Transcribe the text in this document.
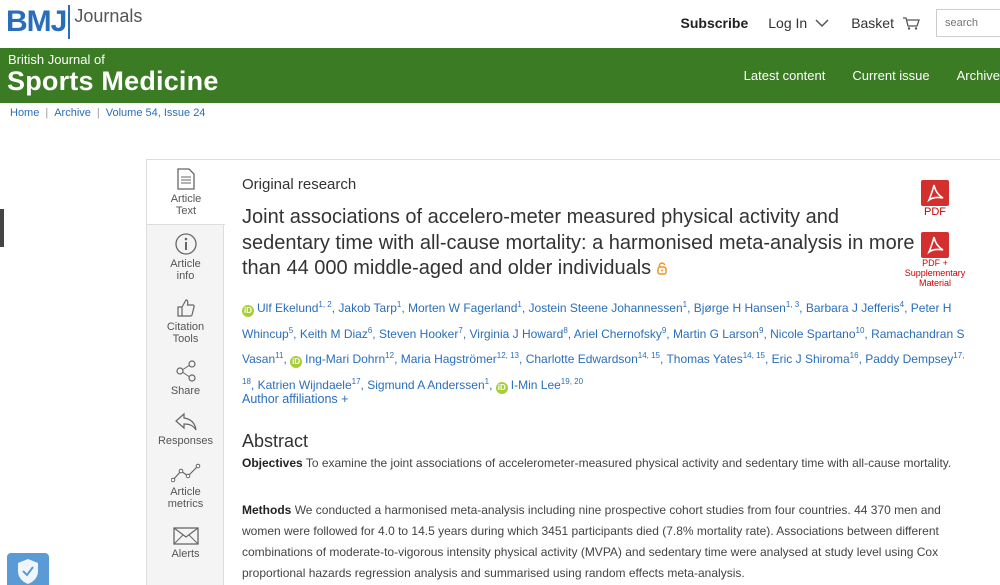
BMJ Journals	Subscribe Log In	Basket
search
British Journal of
Sports Medicine	Latest content Current issue Archive
Home | Archive | Volume 54, Issue 24
Article
Text
Article
info
Citation
Tools
Share
Responses
Article
metrics
Alerts
Original research
Joint associations of accelero-meter measured physical activity and sedentary time with all-cause mortality: a harmonised meta-analysis in more than 44 000 middle-aged and older individuals
iD Ulf Ekelund$^{1, 2}$, Jakob Tarp$^1$, Morten W Fagerland$^1$, Jostein Steene Johannessen$^1$, Bjørge H Hansen$^{1, 3}$, Barbara J Jefferis$^4$, Peter H Whincup$^5$, Keith M Diaz$^6$, Steven Hooker$^7$, Virginia J Howard$^8$, Ariel Chernofsky$^9$, Martin G Larson$^9$, Nicole Spartano$^{10}$, Ramachandran S Vasan$^{11}$, iD Ing-Mari Dohrn$^{12}$, Maria Hagströmer$^{12, 13}$, Charlotte Edwardson$^{14, 15}$, Thomas Yates$^{14, 15}$, Eric J Shiroma$^{16}$, Paddy Dempsey$^{17, 18}$, Katrien Wijndaele$^{17}$, Sigmund A Anderssen$^1$, iD I-Min Lee$^{19, 20}$
Author affiliations +
Abstract
Objectives To examine the joint associations of accelerometer-measured physical activity and sedentary time with all-cause mortality.
Methods We conducted a harmonised meta-analysis including nine prospective cohort studies from four countries. 44 370 men and women were followed for 4.0 to 14.5 years during which 3451 participants died (7.8% mortality rate). Associations between different combinations of moderate-to-vigorous intensity physical activity (MVPA) and sedentary time were analysed at study level using Cox proportional hazards regression analysis and summarised using random effects meta-analysis.
PDF
PDF +
Supplementary
Material
